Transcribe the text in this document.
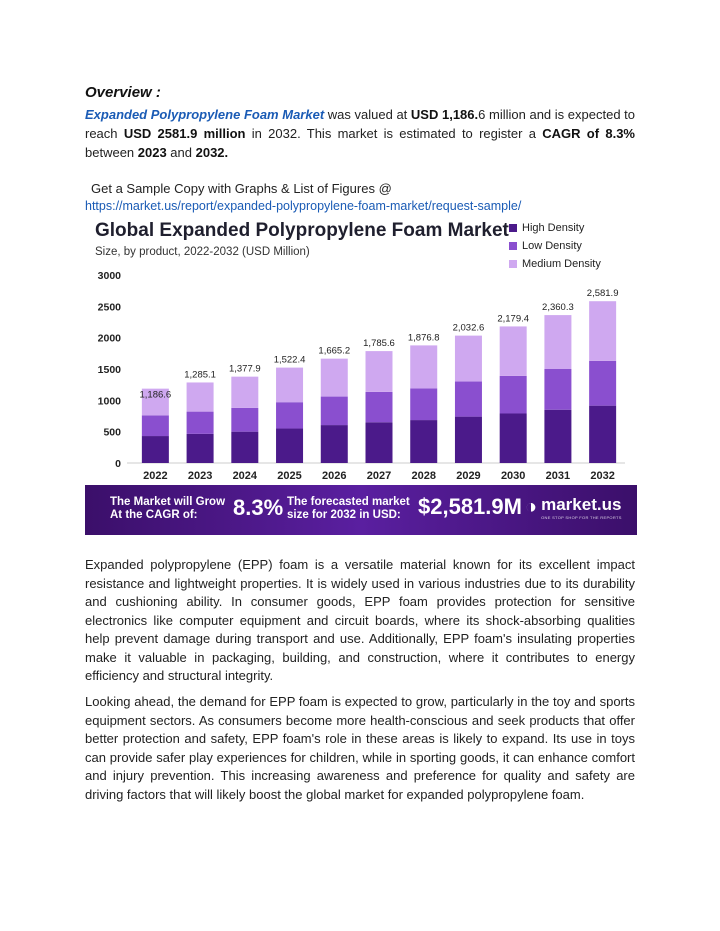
Overview :

Expanded Polypropylene Foam Market was valued at USD 1,186.6 million and is expected to reach USD 2581.9 million in 2032. This market is estimated to register a CAGR of 8.3% between 2023 and 2032.

Get a Sample Copy with Graphs & List of Figures @
https://market.us/report/expanded-polypropylene-foam-market/request-sample/
Global Expanded Polypropylene Foam Market
Size, by product, 2022-2032 (USD Million)
High Density
Low Density
Medium Density
0
500
1000
1500
2000
2500
3000
1,186.6
2022
1,285.1
2023
1,377.9
2024
1,522.4
2025
1,665.2
2026
1,785.6
2027
1,876.8
2028
2,032.6
2029
2,179.4
2030
2,360.3
2031
2,581.9
2032
The Market will Grow At the CAGR of:	8.3% The forecasted market size for 2032 in USD: $2,581.9M ◑ market.us
ONE STOP SHOP FOR THE REPORTS

Expanded polypropylene (EPP) foam is a versatile material known for its excellent impact resistance and lightweight properties. It is widely used in various industries due to its durability and cushioning ability. In consumer goods, EPP foam provides protection for sensitive electronics like computer equipment and circuit boards, where its shock-absorbing qualities help prevent damage during transport and use. Additionally, EPP foam's insulating properties make it valuable in packaging, building, and construction, where it contributes to energy efficiency and structural integrity.

Looking ahead, the demand for EPP foam is expected to grow, particularly in the toy and sports equipment sectors. As consumers become more health-conscious and seek products that offer better protection and safety, EPP foam's role in these areas is likely to expand. Its use in toys can provide safer play experiences for children, while in sporting goods, it can enhance comfort and injury prevention. This increasing awareness and preference for quality and safety are driving factors that will likely boost the global market for expanded polypropylene foam.
